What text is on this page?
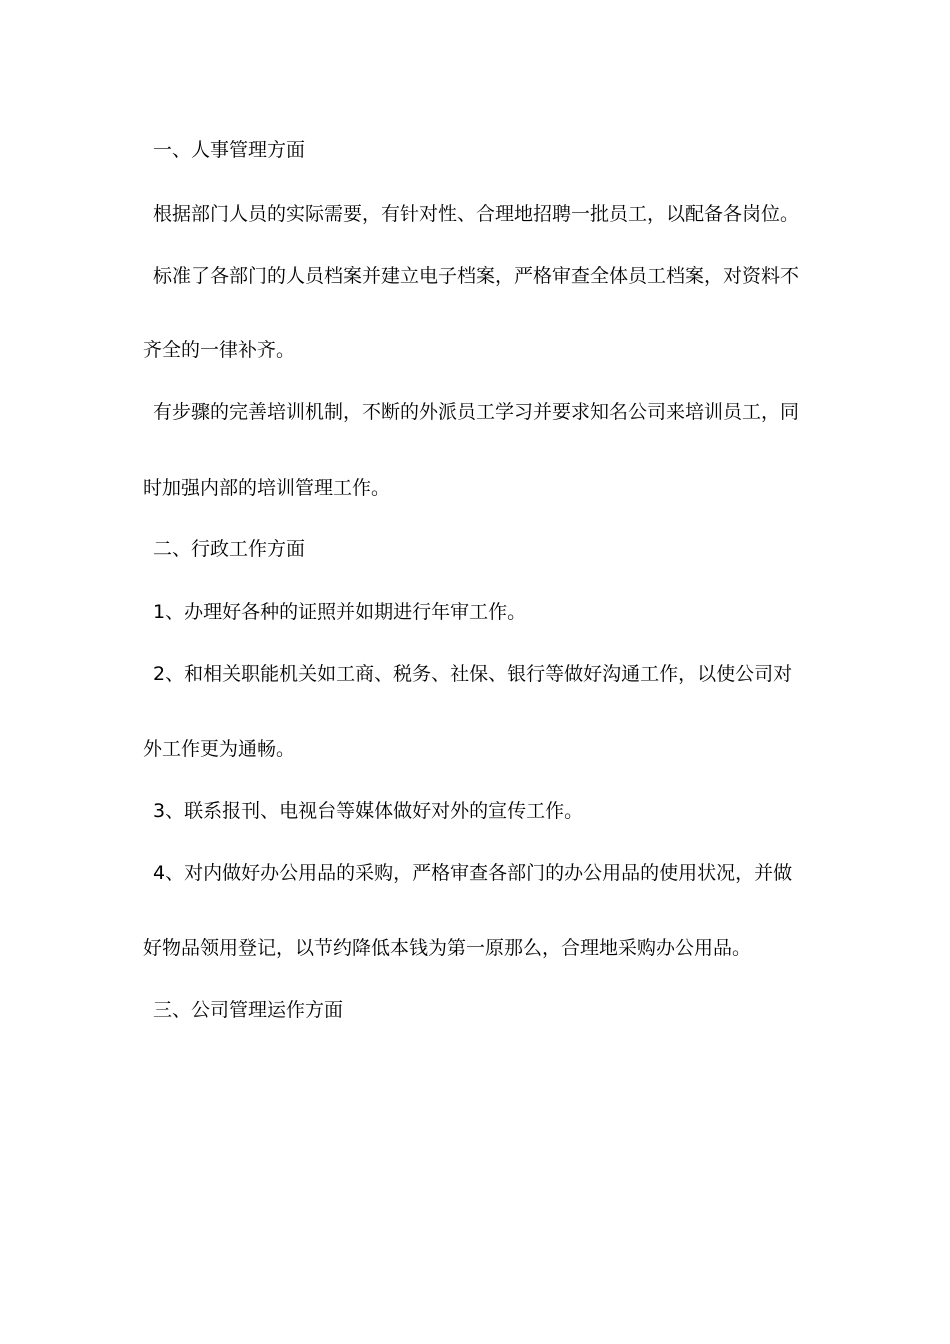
一、人事管理方面

根据部门人员的实际需要，有针对性、合理地招聘一批员工，以配备各岗位。

标准了各部门的人员档案并建立电子档案，严格审查全体员工档案，对资料不

齐全的一律补齐。

有步骤的完善培训机制，不断的外派员工学习并要求知名公司来培训员工，同

时加强内部的培训管理工作。

二、行政工作方面

1、办理好各种的证照并如期进行年审工作。

2、和相关职能机关如工商、税务、社保、银行等做好沟通工作，以使公司对

外工作更为通畅。

3、联系报刊、电视台等媒体做好对外的宣传工作。

4、对内做好办公用品的采购，严格审查各部门的办公用品的使用状况，并做

好物品领用登记，以节约降低本钱为第一原那么，合理地采购办公用品。

三、公司管理运作方面
